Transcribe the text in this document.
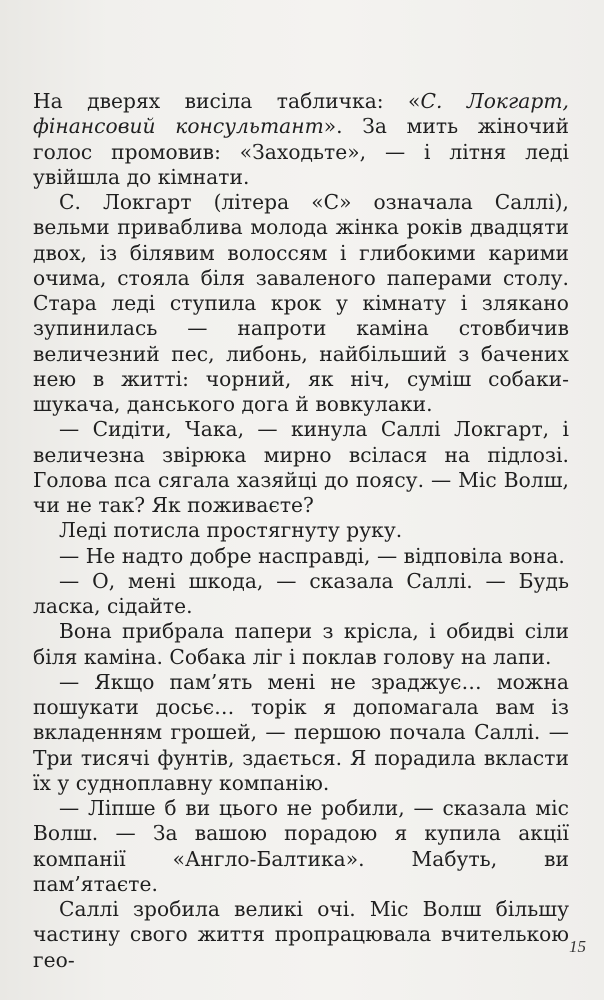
На дверях висіла табличка: «С. Локгарт, фінансовий консультант». За мить жіночий голос промовив: «Заходьте», — і літня леді увійшла до кімнати.

С. Локгарт (літера «С» означала Саллі), вельми приваблива молода жінка років двадцяти двох, із білявим волоссям і глибокими карими очима, стояла біля заваленого паперами столу. Стара леді ступила крок у кімнату і злякано зупинилась — напроти каміна стовбичив величезний пес, либонь, найбільший з бачених нею в житті: чорний, як ніч, суміш собаки-шукача, данського дога й вовкулаки.

— Сидіти, Чака, — кинула Саллі Локгарт, і величезна звірюка мирно всілася на підлозі. Голова пса сягала хазяйці до поясу. — Міс Волш, чи не так? Як поживаєте?

Леді потисла простягнуту руку.

— Не надто добре насправді, — відповіла вона.

— О, мені шкода, — сказала Саллі. — Будь ласка, сідайте.

Вона прибрала папери з крісла, і обидві сіли біля каміна. Собака ліг і поклав голову на лапи.

— Якщо пам’ять мені не зраджує… можна пошукати досьє… торік я допомагала вам із вкладенням грошей, — першою почала Саллі. — Три тисячі фунтів, здається. Я порадила вкласти їх у судноплавну компанію.

— Ліпше б ви цього не робили, — сказала міс Волш. — За вашою порадою я купила акції компанії «Англо-Балтика». Мабуть, ви пам’ятаєте.

Саллі зробила великі очі. Міс Волш більшу частину свого життя пропрацювала вчителькою гео-

15
